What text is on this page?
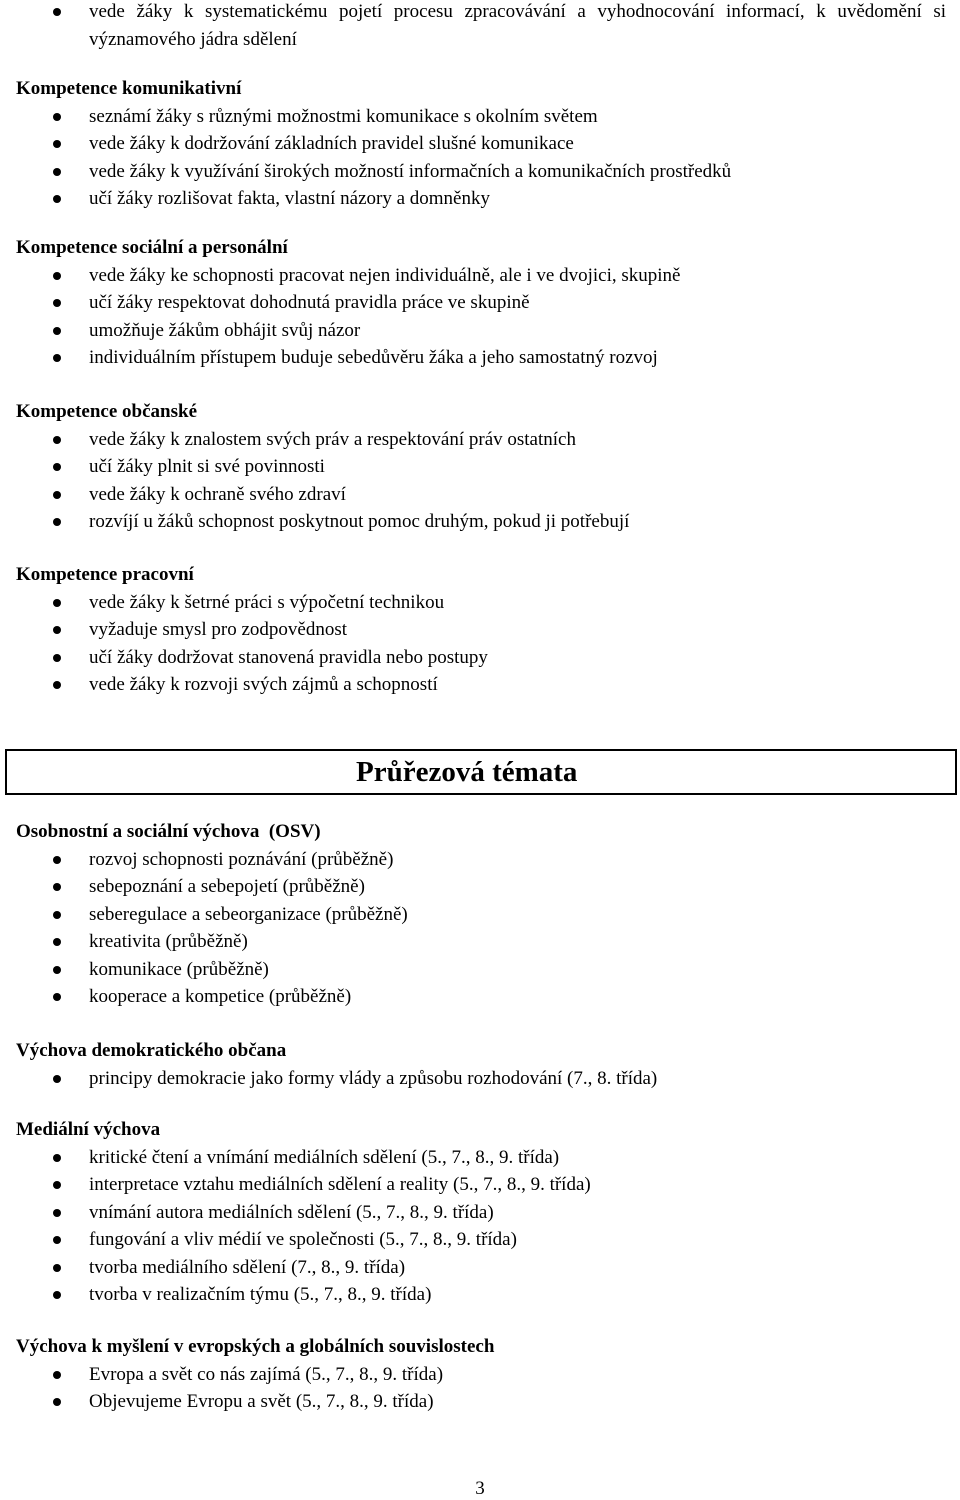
vede žáky k systematickému pojetí procesu zpracovávání a vyhodnocování informací, k uvědomění si významového jádra sdělení

Kompetence komunikativní

seznámí žáky s různými možnostmi komunikace s okolním světem
vede žáky k dodržování základních pravidel slušné komunikace
vede žáky k využívání širokých možností informačních a komunikačních prostředků
učí žáky rozlišovat fakta, vlastní názory a domněnky

Kompetence sociální a personální

vede žáky ke schopnosti pracovat nejen individuálně, ale i ve dvojici, skupině
učí žáky respektovat dohodnutá pravidla práce ve skupině
umožňuje žákům obhájit svůj názor
individuálním přístupem buduje sebedůvěru žáka a jeho samostatný rozvoj

Kompetence občanské

vede žáky k znalostem svých práv a respektování práv ostatních
učí žáky plnit si své povinnosti
vede žáky k ochraně svého zdraví
rozvíjí u žáků schopnost poskytnout pomoc druhým, pokud ji potřebují

Kompetence pracovní

vede žáky k šetrné práci s výpočetní technikou
vyžaduje smysl pro zodpovědnost
učí žáky dodržovat stanovená pravidla nebo postupy
vede žáky k rozvoji svých zájmů a schopností
Průřezová témata

Osobnostní a sociální výchova  (OSV)

rozvoj schopnosti poznávání (průběžně)
sebepoznání a sebepojetí (průběžně)
seberegulace a sebeorganizace (průběžně)
kreativita (průběžně)
komunikace (průběžně)
kooperace a kompetice (průběžně)

Výchova demokratického občana

principy demokracie jako formy vlády a způsobu rozhodování (7., 8. třída)

Mediální výchova

kritické čtení a vnímání mediálních sdělení (5., 7., 8., 9. třída)
interpretace vztahu mediálních sdělení a reality (5., 7., 8., 9. třída)
vnímání autora mediálních sdělení (5., 7., 8., 9. třída)
fungování a vliv médií ve společnosti (5., 7., 8., 9. třída)
tvorba mediálního sdělení (7., 8., 9. třída)
tvorba v realizačním týmu (5., 7., 8., 9. třída)

Výchova k myšlení v evropských a globálních souvislostech

Evropa a svět co nás zajímá (5., 7., 8., 9. třída)
Objevujeme Evropu a svět (5., 7., 8., 9. třída)
3
